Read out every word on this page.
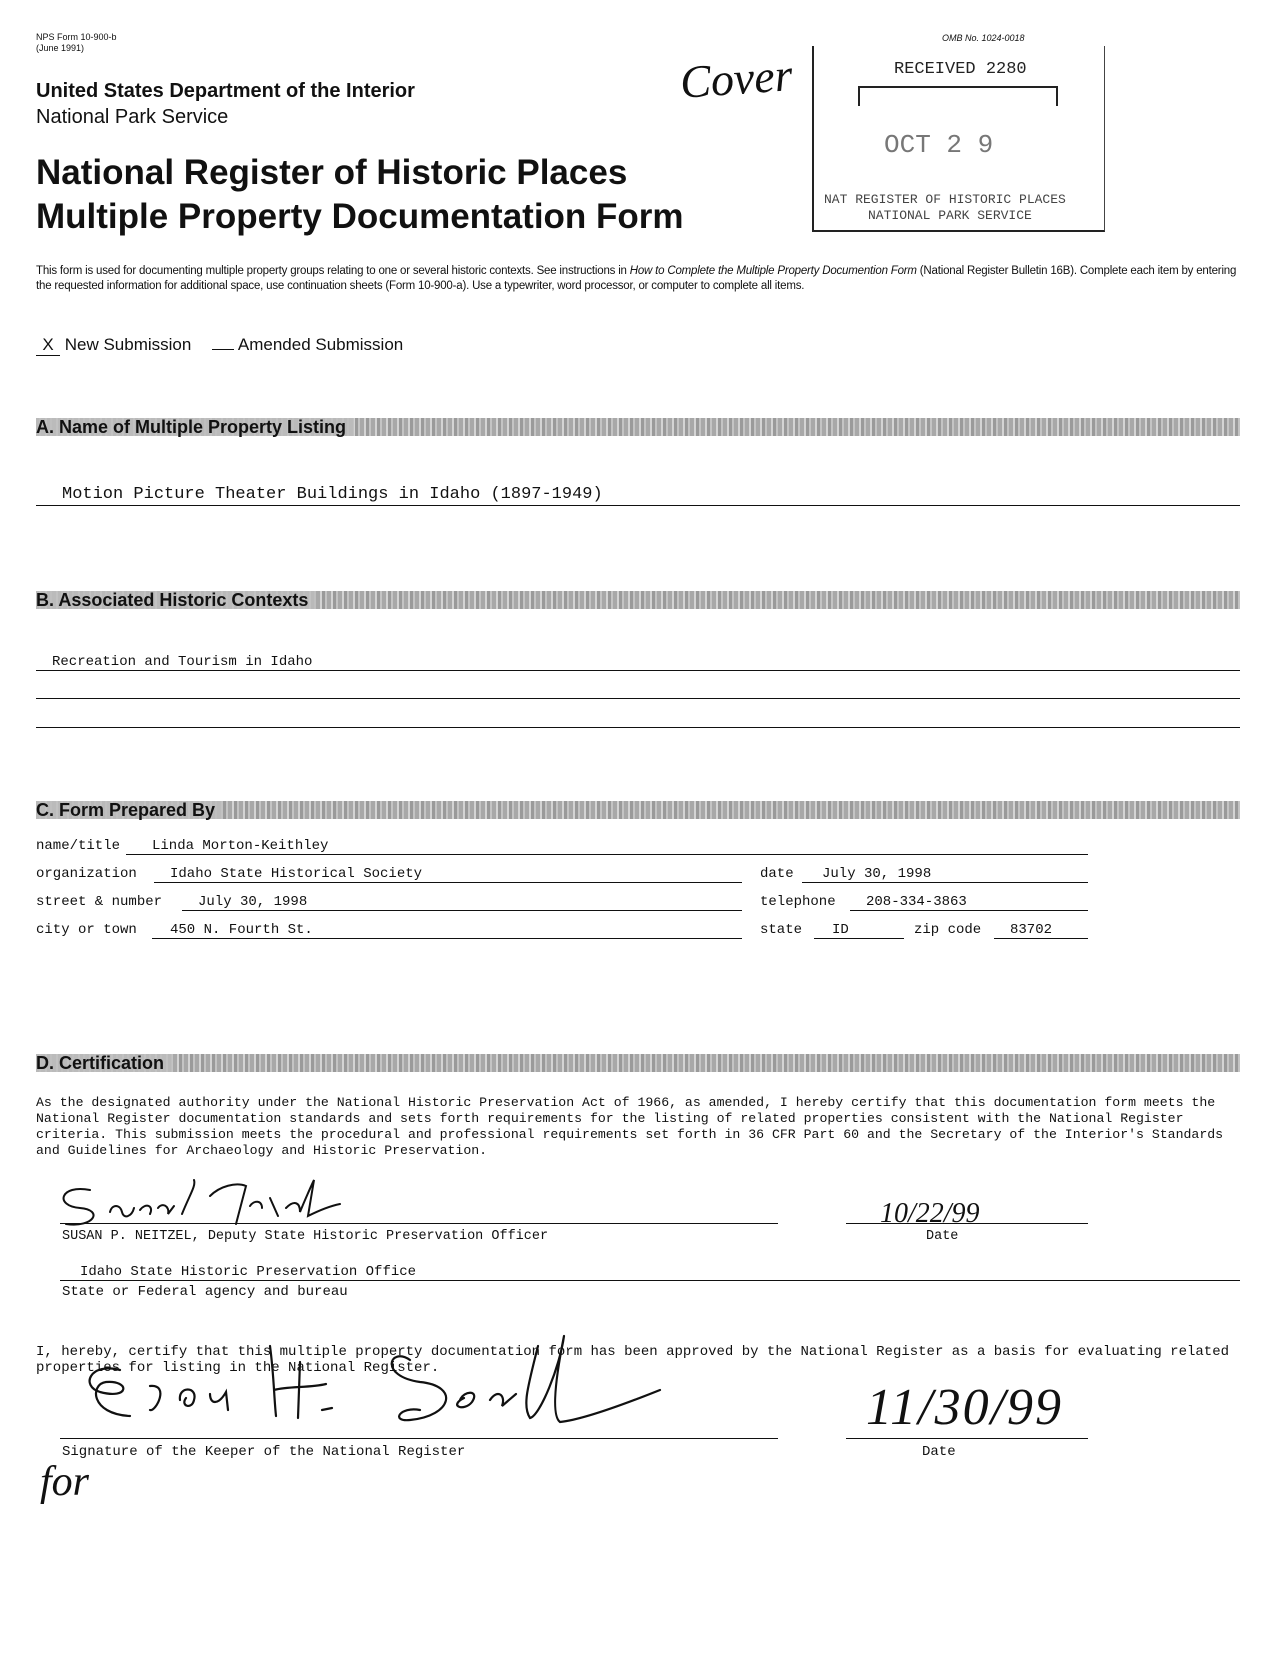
NPS Form 10-900-b
(June 1991)
OMB No. 1024-0018
United States Department of the Interior
National Park Service
National Register of Historic Places
Multiple Property Documentation Form
Cover	RECEIVED 2280
OCT 2 9
NAT REGISTER OF HISTORIC PLACES
NATIONAL PARK SERVICE
This form is used for documenting multiple property groups relating to one or several historic contexts. See instructions in How to Complete the Multiple Property Documention Form (National Register Bulletin 16B). Complete each item by entering the requested information for additional space, use continuation sheets (Form 10-900-a). Use a typewriter, word processor, or computer to complete all items.
X New Submission	Amended Submission
A. Name of Multiple Property Listing
Motion Picture Theater Buildings in Idaho (1897-1949)
B. Associated Historic Contexts
Recreation and Tourism in Idaho
C. Form Prepared By
name/title Linda Morton-Keithley
organization Idaho State Historical Society	date July 30, 1998
street & number	July 30, 1998	telephone 208-334-3863
city or town 450 N. Fourth St.	state ID	zip code 83702
D. Certification
As the designated authority under the National Historic Preservation Act of 1966, as amended, I hereby certify that this documentation form meets the National Register documentation standards and sets forth requirements for the listing of related properties consistent with the National Register criteria. This submission meets the procedural and professional requirements set forth in 36 CFR Part 60 and the Secretary of the Interior's Standards and Guidelines for Archaeology and Historic Preservation.
SUSAN P. NEITZEL, Deputy State Historic Preservation Officer
10/22/99
Date
Idaho State Historic Preservation Office
State or Federal agency and bureau
I, hereby, certify that this multiple property documentation form has been approved by the National Register as a basis for evaluating related properties for listing in the National Register.
Signature of the Keeper of the National Register
11/30/99
Date
for
